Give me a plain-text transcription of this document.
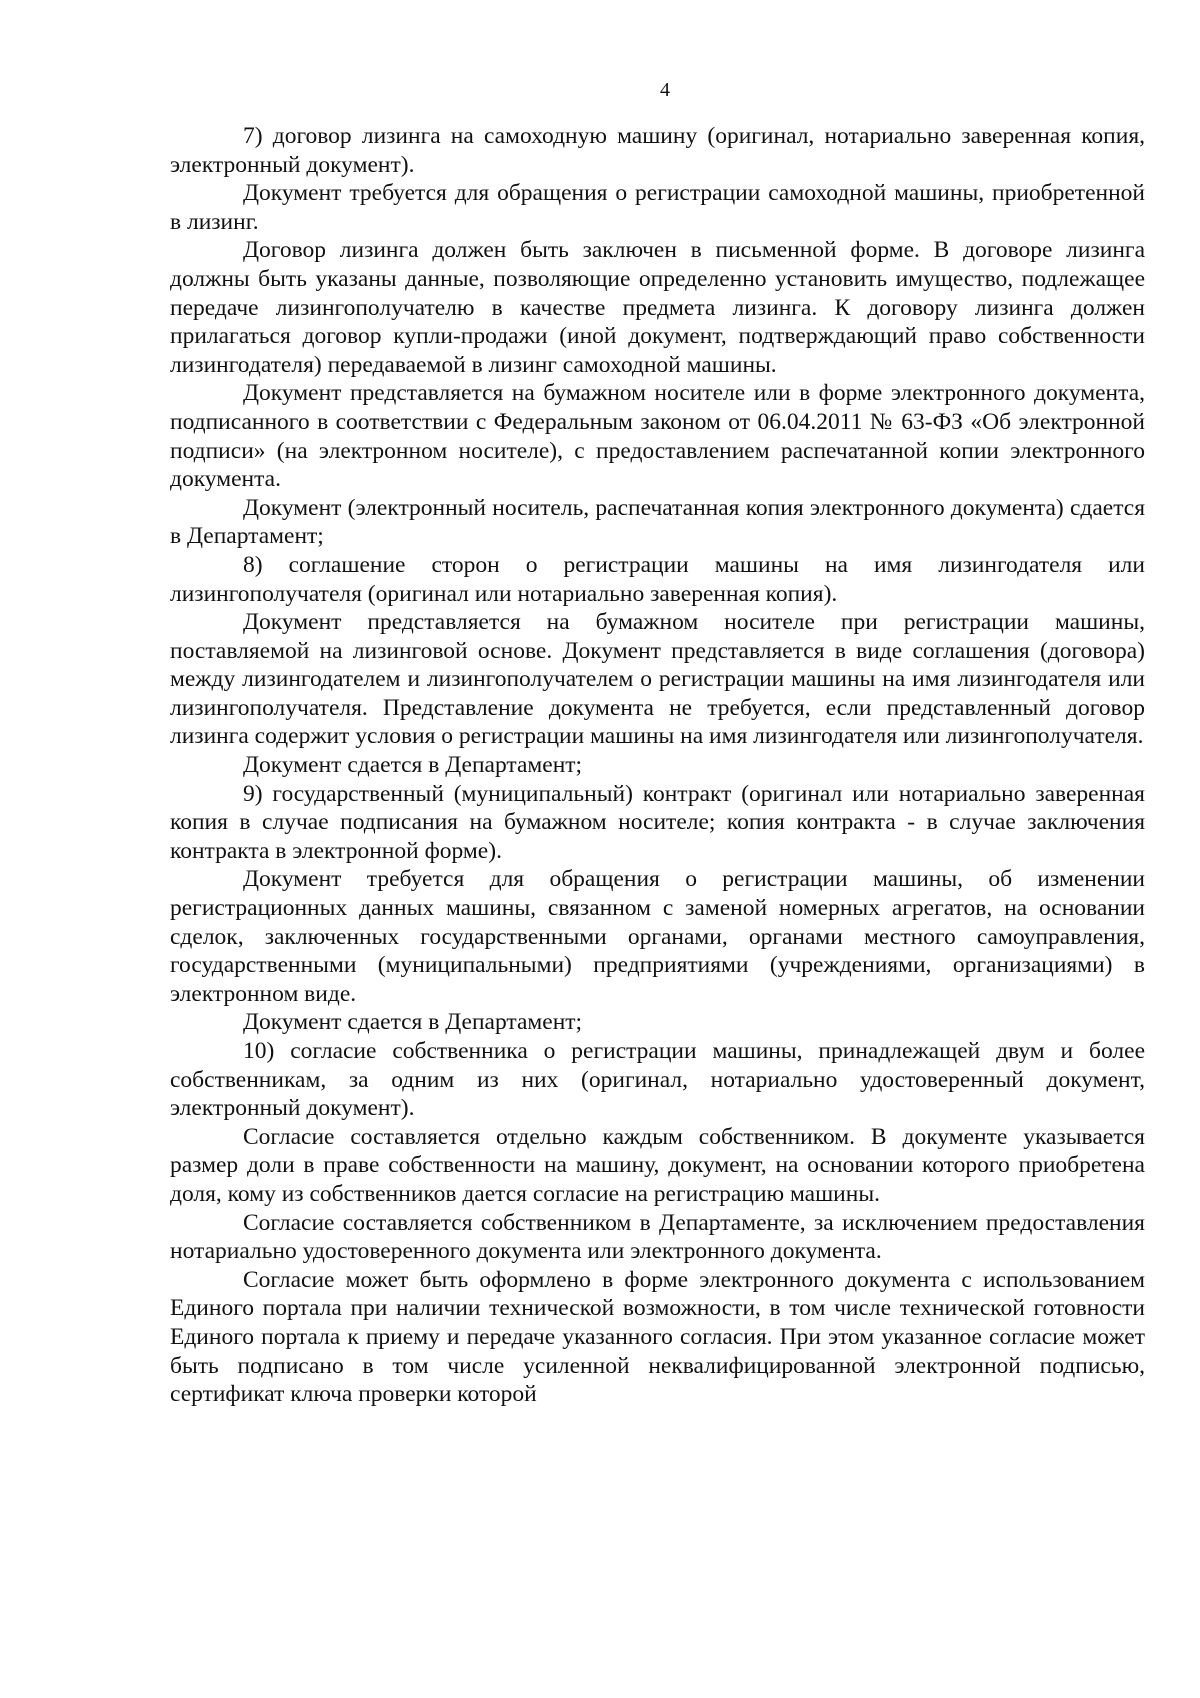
4

7) договор лизинга на самоходную машину (оригинал, нотариально заверенная копия, электронный документ).

Документ требуется для обращения о регистрации самоходной машины, приобретенной в лизинг.

Договор лизинга должен быть заключен в письменной форме. В договоре лизинга должны быть указаны данные, позволяющие определенно установить имущество, подлежащее передаче лизингополучателю в качестве предмета лизинга. К договору лизинга должен прилагаться договор купли-продажи (иной документ, подтверждающий право собственности лизингодателя) передаваемой в лизинг самоходной машины.

Документ представляется на бумажном носителе или в форме электронного документа, подписанного в соответствии с Федеральным законом от 06.04.2011 № 63-ФЗ «Об электронной подписи» (на электронном носителе), с предоставлением распечатанной копии электронного документа.

Документ (электронный носитель, распечатанная копия электронного документа) сдается в Департамент;

8) соглашение сторон о регистрации машины на имя лизингодателя или лизингополучателя (оригинал или нотариально заверенная копия).

Документ представляется на бумажном носителе при регистрации машины, поставляемой на лизинговой основе. Документ представляется в виде соглашения (договора) между лизингодателем и лизингополучателем о регистрации машины на имя лизингодателя или лизингополучателя. Представление документа не требуется, если представленный договор лизинга содержит условия о регистрации машины на имя лизингодателя или лизингополучателя.

Документ сдается в Департамент;

9) государственный (муниципальный) контракт (оригинал или нотариально заверенная копия в случае подписания на бумажном носителе; копия контракта - в случае заключения контракта в электронной форме).

Документ требуется для обращения о регистрации машины, об изменении регистрационных данных машины, связанном с заменой номерных агрегатов, на основании сделок, заключенных государственными органами, органами местного самоуправления, государственными (муниципальными) предприятиями (учреждениями, организациями) в электронном виде.

Документ сдается в Департамент;

10) согласие собственника о регистрации машины, принадлежащей двум и более собственникам, за одним из них (оригинал, нотариально удостоверенный документ, электронный документ).

Согласие составляется отдельно каждым собственником. В документе указывается размер доли в праве собственности на машину, документ, на основании которого приобретена доля, кому из собственников дается согласие на регистрацию машины.

Согласие составляется собственником в Департаменте, за исключением предоставления нотариально удостоверенного документа или электронного документа.

Согласие может быть оформлено в форме электронного документа с использованием Единого портала при наличии технической возможности, в том числе технической готовности Единого портала к приему и передаче указанного согласия. При этом указанное согласие может быть подписано в том числе усиленной неквалифицированной электронной подписью, сертификат ключа проверки которой
